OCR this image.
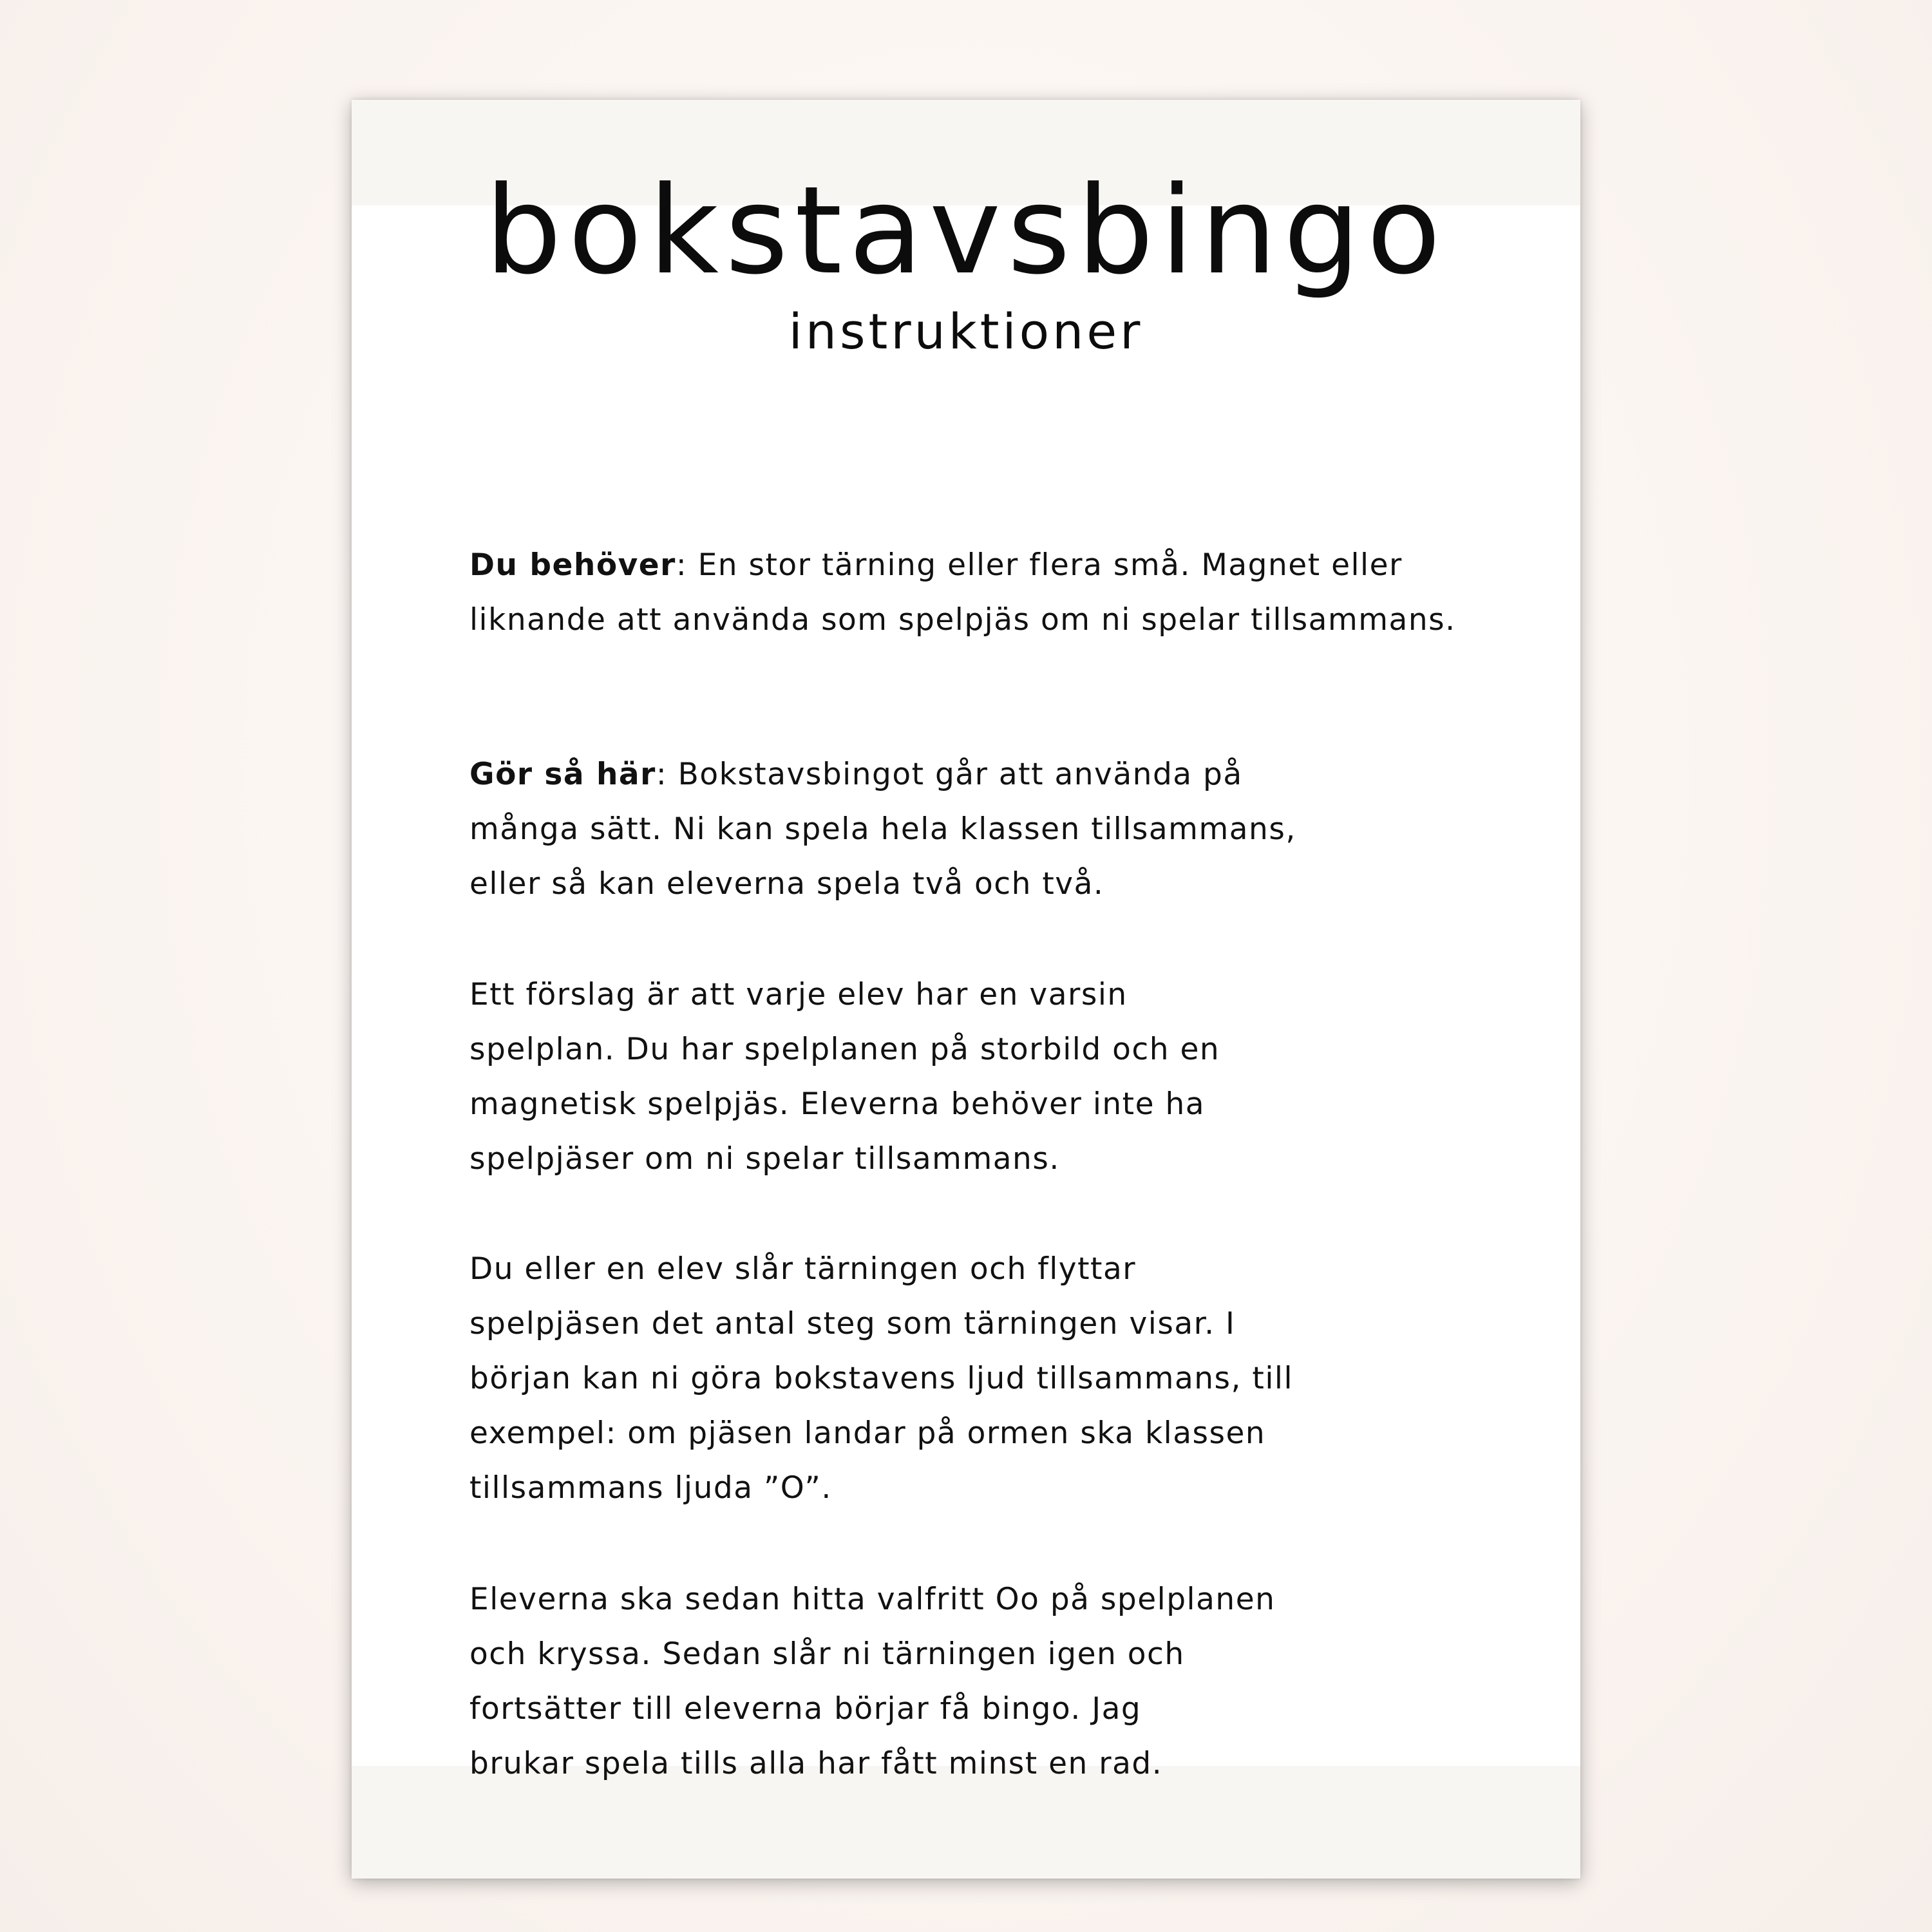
bokstavsbingo
instruktioner

Du behöver: En stor tärning eller flera små. Magnet eller
liknande att använda som spelpjäs om ni spelar tillsammans.

Gör så här: Bokstavsbingot går att använda på
många sätt. Ni kan spela hela klassen tillsammans,
eller så kan eleverna spela två och två.

Ett förslag är att varje elev har en varsin
spelplan. Du har spelplanen på storbild och en
magnetisk spelpjäs. Eleverna behöver inte ha
spelpjäser om ni spelar tillsammans.

Du eller en elev slår tärningen och flyttar
spelpjäsen det antal steg som tärningen visar. I
början kan ni göra bokstavens ljud tillsammans, till
exempel: om pjäsen landar på ormen ska klassen
tillsammans ljuda ”O”.

Eleverna ska sedan hitta valfritt Oo på spelplanen
och kryssa. Sedan slår ni tärningen igen och
fortsätter till eleverna börjar få bingo. Jag
brukar spela tills alla har fått minst en rad.
